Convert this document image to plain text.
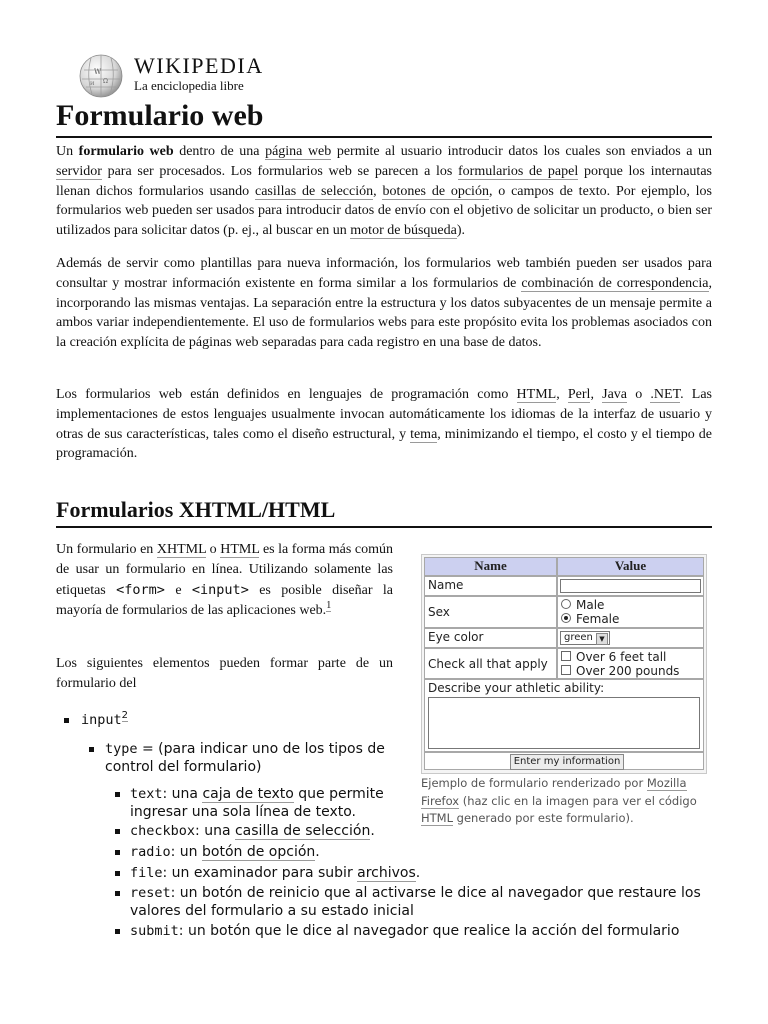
W
Ω
И
WIKIPEDIA
La enciclopedia libre
Formulario web

Un formulario web dentro de una página web permite al usuario introducir datos los cuales son enviados a un servidor para ser procesados. Los formularios web se parecen a los formularios de papel porque los internautas llenan dichos formularios usando casillas de selección, botones de opción, o campos de texto. Por ejemplo, los formularios web pueden ser usados para introducir datos de envío con el objetivo de solicitar un producto, o bien ser utilizados para solicitar datos (p. ej., al buscar en un motor de búsqueda).

Además de servir como plantillas para nueva información, los formularios web también pueden ser usados para consultar y mostrar información existente en forma similar a los formularios de combinación de correspondencia, incorporando las mismas ventajas. La separación entre la estructura y los datos subyacentes de un mensaje permite a ambos variar independientemente. El uso de formularios webs para este propósito evita los problemas asociados con la creación explícita de páginas web separadas para cada registro en una base de datos.

Los formularios web están definidos en lenguajes de programación como HTML, Perl, Java o .NET. Las implementaciones de estos lenguajes usualmente invocan automáticamente los idiomas de la interfaz de usuario y otras de sus características, tales como el diseño estructural, y tema, minimizando el tiempo, el costo y el tiempo de programación.

Formularios XHTML/HTML

Un formulario en XHTML o HTML es la forma más común de usar un formulario en línea. Utilizando solamente las etiquetas <form> e <input> es posible diseñar la mayoría de formularios de las aplicaciones web.$^1$

Los siguientes elementos pueden formar parte de un formulario del

Name	Value
Name
Sex	Male
Female
Eye color	green ▼
Check all that apply	Over 6 feet tall
Over 200 pounds
Describe your athletic ability:
Enter my information

Ejemplo de formulario renderizado por Mozilla Firefox (haz clic en la imagen para ver el código HTML generado por este formulario).

input$^2$
type = (para indicar uno de los tipos de
control del formulario)
text: una caja de texto que permite
ingresar una sola línea de texto.
checkbox: una casilla de selección.
radio: un botón de opción.
file: un examinador para subir archivos.
reset: un botón de reinicio que al activarse le dice al navegador que restaure los
valores del formulario a su estado inicial
submit: un botón que le dice al navegador que realice la acción del formulario
